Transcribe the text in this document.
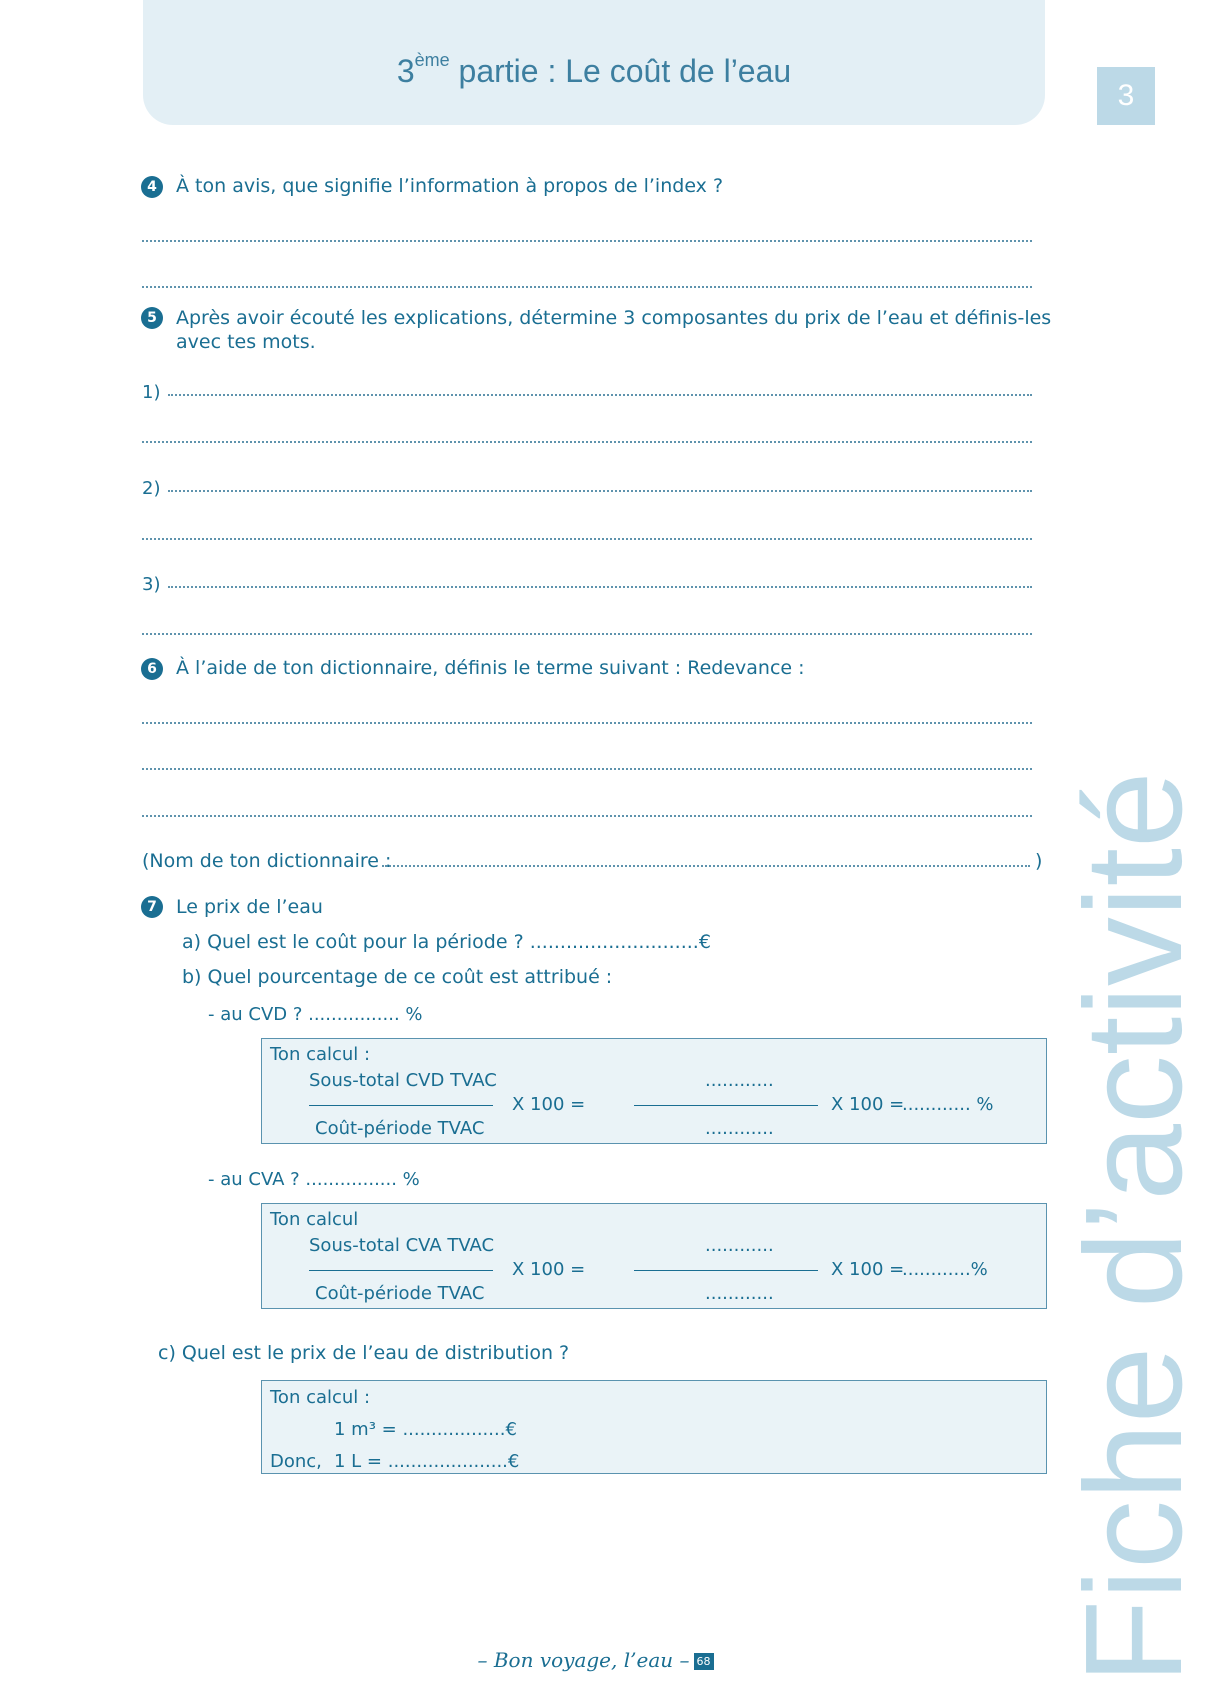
3ème partie : Le coût de l’eau
3
Fiche d’activité
4	À ton avis, que signifie l’information à propos de l’index ?
5	Après avoir écouté les explications, détermine 3 composantes du prix de l’eau et définis-les
avec tes mots.
1)
2)
3)
6	À l’aide de ton dictionnaire, définis le terme suivant : Redevance :
(Nom de ton dictionnaire :	)
7	Le prix de l’eau
a) Quel est le coût pour la période ? ............................€
b) Quel pourcentage de ce coût est attribué :
- au CVD ? ................ %
Ton calcul :
Sous-total CVD TVAC
Coût-période TVAC
X 100 =
............
............
X 100 =
............ %
- au CVA ? ................ %
Ton calcul
Sous-total CVA TVAC
Coût-période TVAC
X 100 =
............
............
X 100 =
............%
c) Quel est le prix de l’eau de distribution ?
Ton calcul :
1 m³ = ..................€
Donc, 1 L = .....................€
– Bon voyage, l’eau – 68
